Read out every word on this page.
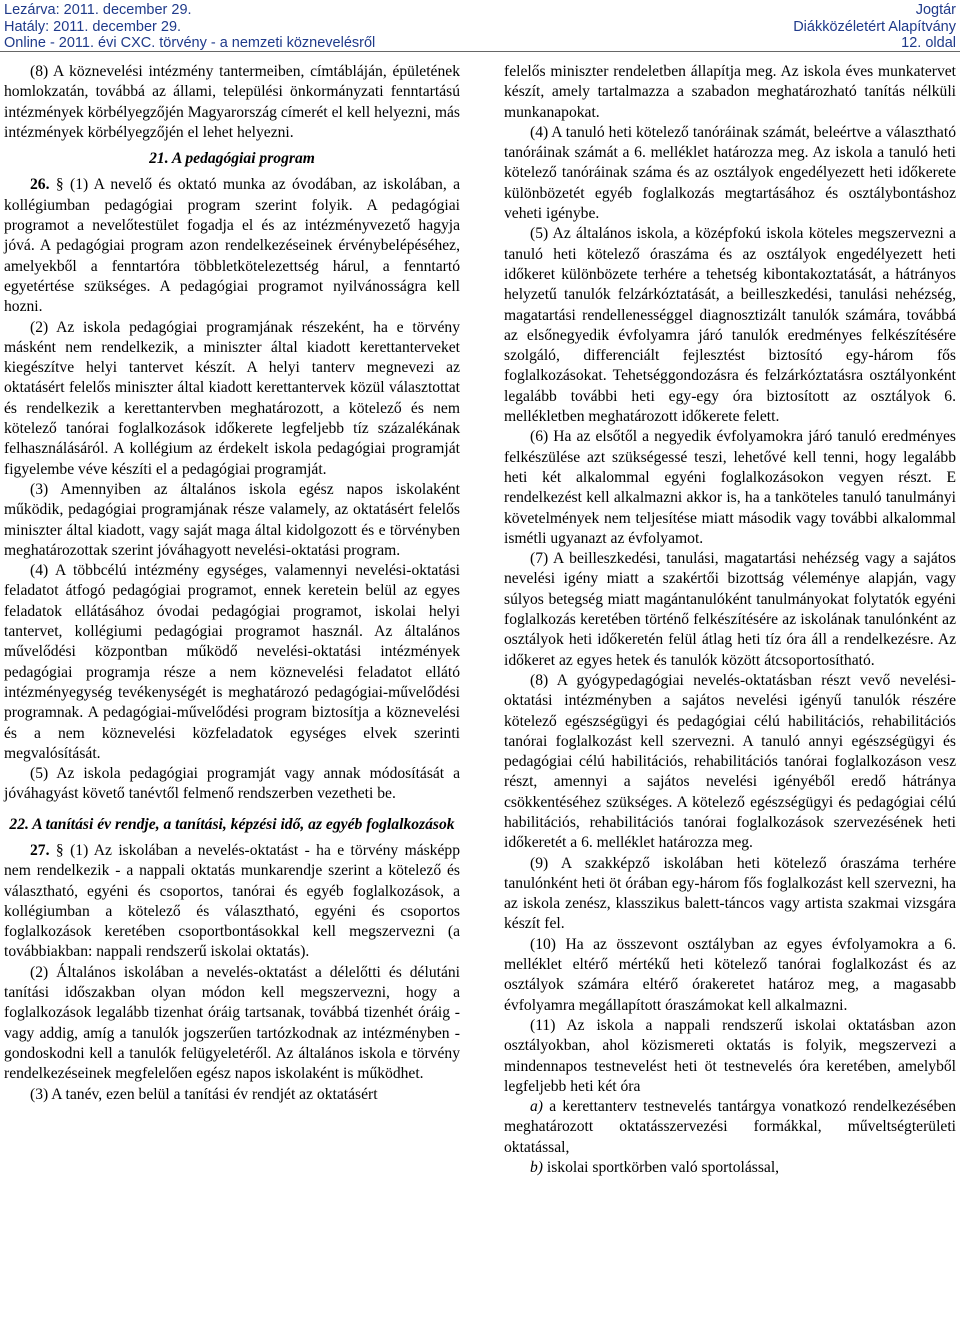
Lezárva: 2011. december 29.
Hatály: 2011. december 29.
Online - 2011. évi CXC. törvény - a nemzeti köznevelésről
Jogtár
Diákközéletért Alapítvány
12. oldal

(8) A köznevelési intézmény tantermeiben, címtábláján, épületének homlokzatán, továbbá az állami, települési önkormányzati fenntartású intézmények körbélyegzőjén Magyarország címerét el kell helyezni, más intézmények körbélyegzőjén el lehet helyezni.

21. A pedagógiai program

26. § (1) A nevelő és oktató munka az óvodában, az iskolában, a kollégiumban pedagógiai program szerint folyik. A pedagógiai programot a nevelőtestület fogadja el és az intézményvezető hagyja jóvá. A pedagógiai program azon rendelkezéseinek érvénybelépéséhez, amelyekből a fenntartóra többletkötelezettség hárul, a fenntartó egyetértése szükséges. A pedagógiai programot nyilvánosságra kell hozni.

(2) Az iskola pedagógiai programjának részeként, ha e törvény másként nem rendelkezik, a miniszter által kiadott kerettanterveket kiegészítve helyi tantervet készít. A helyi tanterv megnevezi az oktatásért felelős miniszter által kiadott kerettantervek közül választottat és rendelkezik a kerettantervben meghatározott, a kötelező és nem kötelező tanórai foglalkozások időkerete legfeljebb tíz százalékának felhasználásáról. A kollégium az érdekelt iskola pedagógiai programját figyelembe véve készíti el a pedagógiai programját.

(3) Amennyiben az általános iskola egész napos iskolaként működik, pedagógiai programjának része valamely, az oktatásért felelős miniszter által kiadott, vagy saját maga által kidolgozott és e törvényben meghatározottak szerint jóváhagyott nevelési-oktatási program.

(4) A többcélú intézmény egységes, valamennyi nevelési-oktatási feladatot átfogó pedagógiai programot, ennek keretein belül az egyes feladatok ellátásához óvodai pedagógiai programot, iskolai helyi tantervet, kollégiumi pedagógiai programot használ. Az általános művelődési központban működő nevelési-oktatási intézmények pedagógiai programja része a nem köznevelési feladatot ellátó intézményegység tevékenységét is meghatározó pedagógiai-művelődési programnak. A pedagógiai-művelődési program biztosítja a köznevelési és a nem köznevelési közfeladatok egységes elvek szerinti megvalósítását.

(5) Az iskola pedagógiai programját vagy annak módosítását a jóváhagyást követő tanévtől felmenő rendszerben vezetheti be.

22. A tanítási év rendje, a tanítási, képzési idő, az egyéb foglalkozások

27. § (1) Az iskolában a nevelés-oktatást - ha e törvény másképp nem rendelkezik - a nappali oktatás munkarendje szerint a kötelező és választható, egyéni és csoportos, tanórai és egyéb foglalkozások, a kollégiumban a kötelező és választható, egyéni és csoportos foglalkozások keretében csoportbontásokkal kell megszervezni (a továbbiakban: nappali rendszerű iskolai oktatás).

(2) Általános iskolában a nevelés-oktatást a délelőtti és délutáni tanítási időszakban olyan módon kell megszervezni, hogy a foglalkozások legalább tizenhat óráig tartsanak, továbbá tizenhét óráig - vagy addig, amíg a tanulók jogszerűen tartózkodnak az intézményben - gondoskodni kell a tanulók felügyeletéről. Az általános iskola e törvény rendelkezéseinek megfelelően egész napos iskolaként is működhet.

(3) A tanév, ezen belül a tanítási év rendjét az oktatásért

felelős miniszter rendeletben állapítja meg. Az iskola éves munkatervet készít, amely tartalmazza a szabadon meghatározható tanítás nélküli munkanapokat.

(4) A tanuló heti kötelező tanóráinak számát, beleértve a választható tanóráinak számát a 6. melléklet határozza meg. Az iskola a tanuló heti kötelező tanóráinak száma és az osztályok engedélyezett heti időkerete különbözetét egyéb foglalkozás megtartásához és osztálybontáshoz veheti igénybe.

(5) Az általános iskola, a középfokú iskola köteles megszervezni a tanuló heti kötelező óraszáma és az osztályok engedélyezett heti időkeret különbözete terhére a tehetség kibontakoztatását, a hátrányos helyzetű tanulók felzárkóztatását, a beilleszkedési, tanulási nehézség, magatartási rendellenességgel diagnosztizált tanulók számára, továbbá az elsőnegyedik évfolyamra járó tanulók eredményes felkészítésére szolgáló, differenciált fejlesztést biztosító egy-három fős foglalkozásokat. Tehetséggondozásra és felzárkóztatásra osztályonként legalább további heti egy-egy óra biztosított az osztályok 6. mellékletben meghatározott időkerete felett.

(6) Ha az elsőtől a negyedik évfolyamokra járó tanuló eredményes felkészülése azt szükségessé teszi, lehetővé kell tenni, hogy legalább heti két alkalommal egyéni foglalkozásokon vegyen részt. E rendelkezést kell alkalmazni akkor is, ha a tanköteles tanuló tanulmányi követelmények nem teljesítése miatt második vagy további alkalommal ismétli ugyanazt az évfolyamot.

(7) A beilleszkedési, tanulási, magatartási nehézség vagy a sajátos nevelési igény miatt a szakértői bizottság véleménye alapján, vagy súlyos betegség miatt magántanulóként tanulmányokat folytatók egyéni foglalkozás keretében történő felkészítésére az iskolának tanulónként az osztályok heti időkeretén felül átlag heti tíz óra áll a rendelkezésre. Az időkeret az egyes hetek és tanulók között átcsoportosítható.

(8) A gyógypedagógiai nevelés-oktatásban részt vevő nevelési-oktatási intézményben a sajátos nevelési igényű tanulók részére kötelező egészségügyi és pedagógiai célú habilitációs, rehabilitációs tanórai foglalkozást kell szervezni. A tanuló annyi egészségügyi és pedagógiai célú habilitációs, rehabilitációs tanórai foglalkozáson vesz részt, amennyi a sajátos nevelési igényéből eredő hátránya csökkentéséhez szükséges. A kötelező egészségügyi és pedagógiai célú habilitációs, rehabilitációs tanórai foglalkozások szervezésének heti időkeretét a 6. melléklet határozza meg.

(9) A szakképző iskolában heti kötelező óraszáma terhére tanulónként heti öt órában egy-három fős foglalkozást kell szervezni, ha az iskola zenész, klasszikus balett-táncos vagy artista szakmai vizsgára készít fel.

(10) Ha az összevont osztályban az egyes évfolyamokra a 6. melléklet eltérő mértékű heti kötelező tanórai foglalkozást és az osztályok számára eltérő órakeretet határoz meg, a magasabb évfolyamra megállapított óraszámokat kell alkalmazni.

(11) Az iskola a nappali rendszerű iskolai oktatásban azon osztályokban, ahol közismereti oktatás is folyik, megszervezi a mindennapos testnevelést heti öt testnevelés óra keretében, amelyből legfeljebb heti két óra

a) a kerettanterv testnevelés tantárgya vonatkozó rendelkezésében meghatározott oktatásszervezési formákkal, műveltségterületi oktatással,

b) iskolai sportkörben való sportolással,
